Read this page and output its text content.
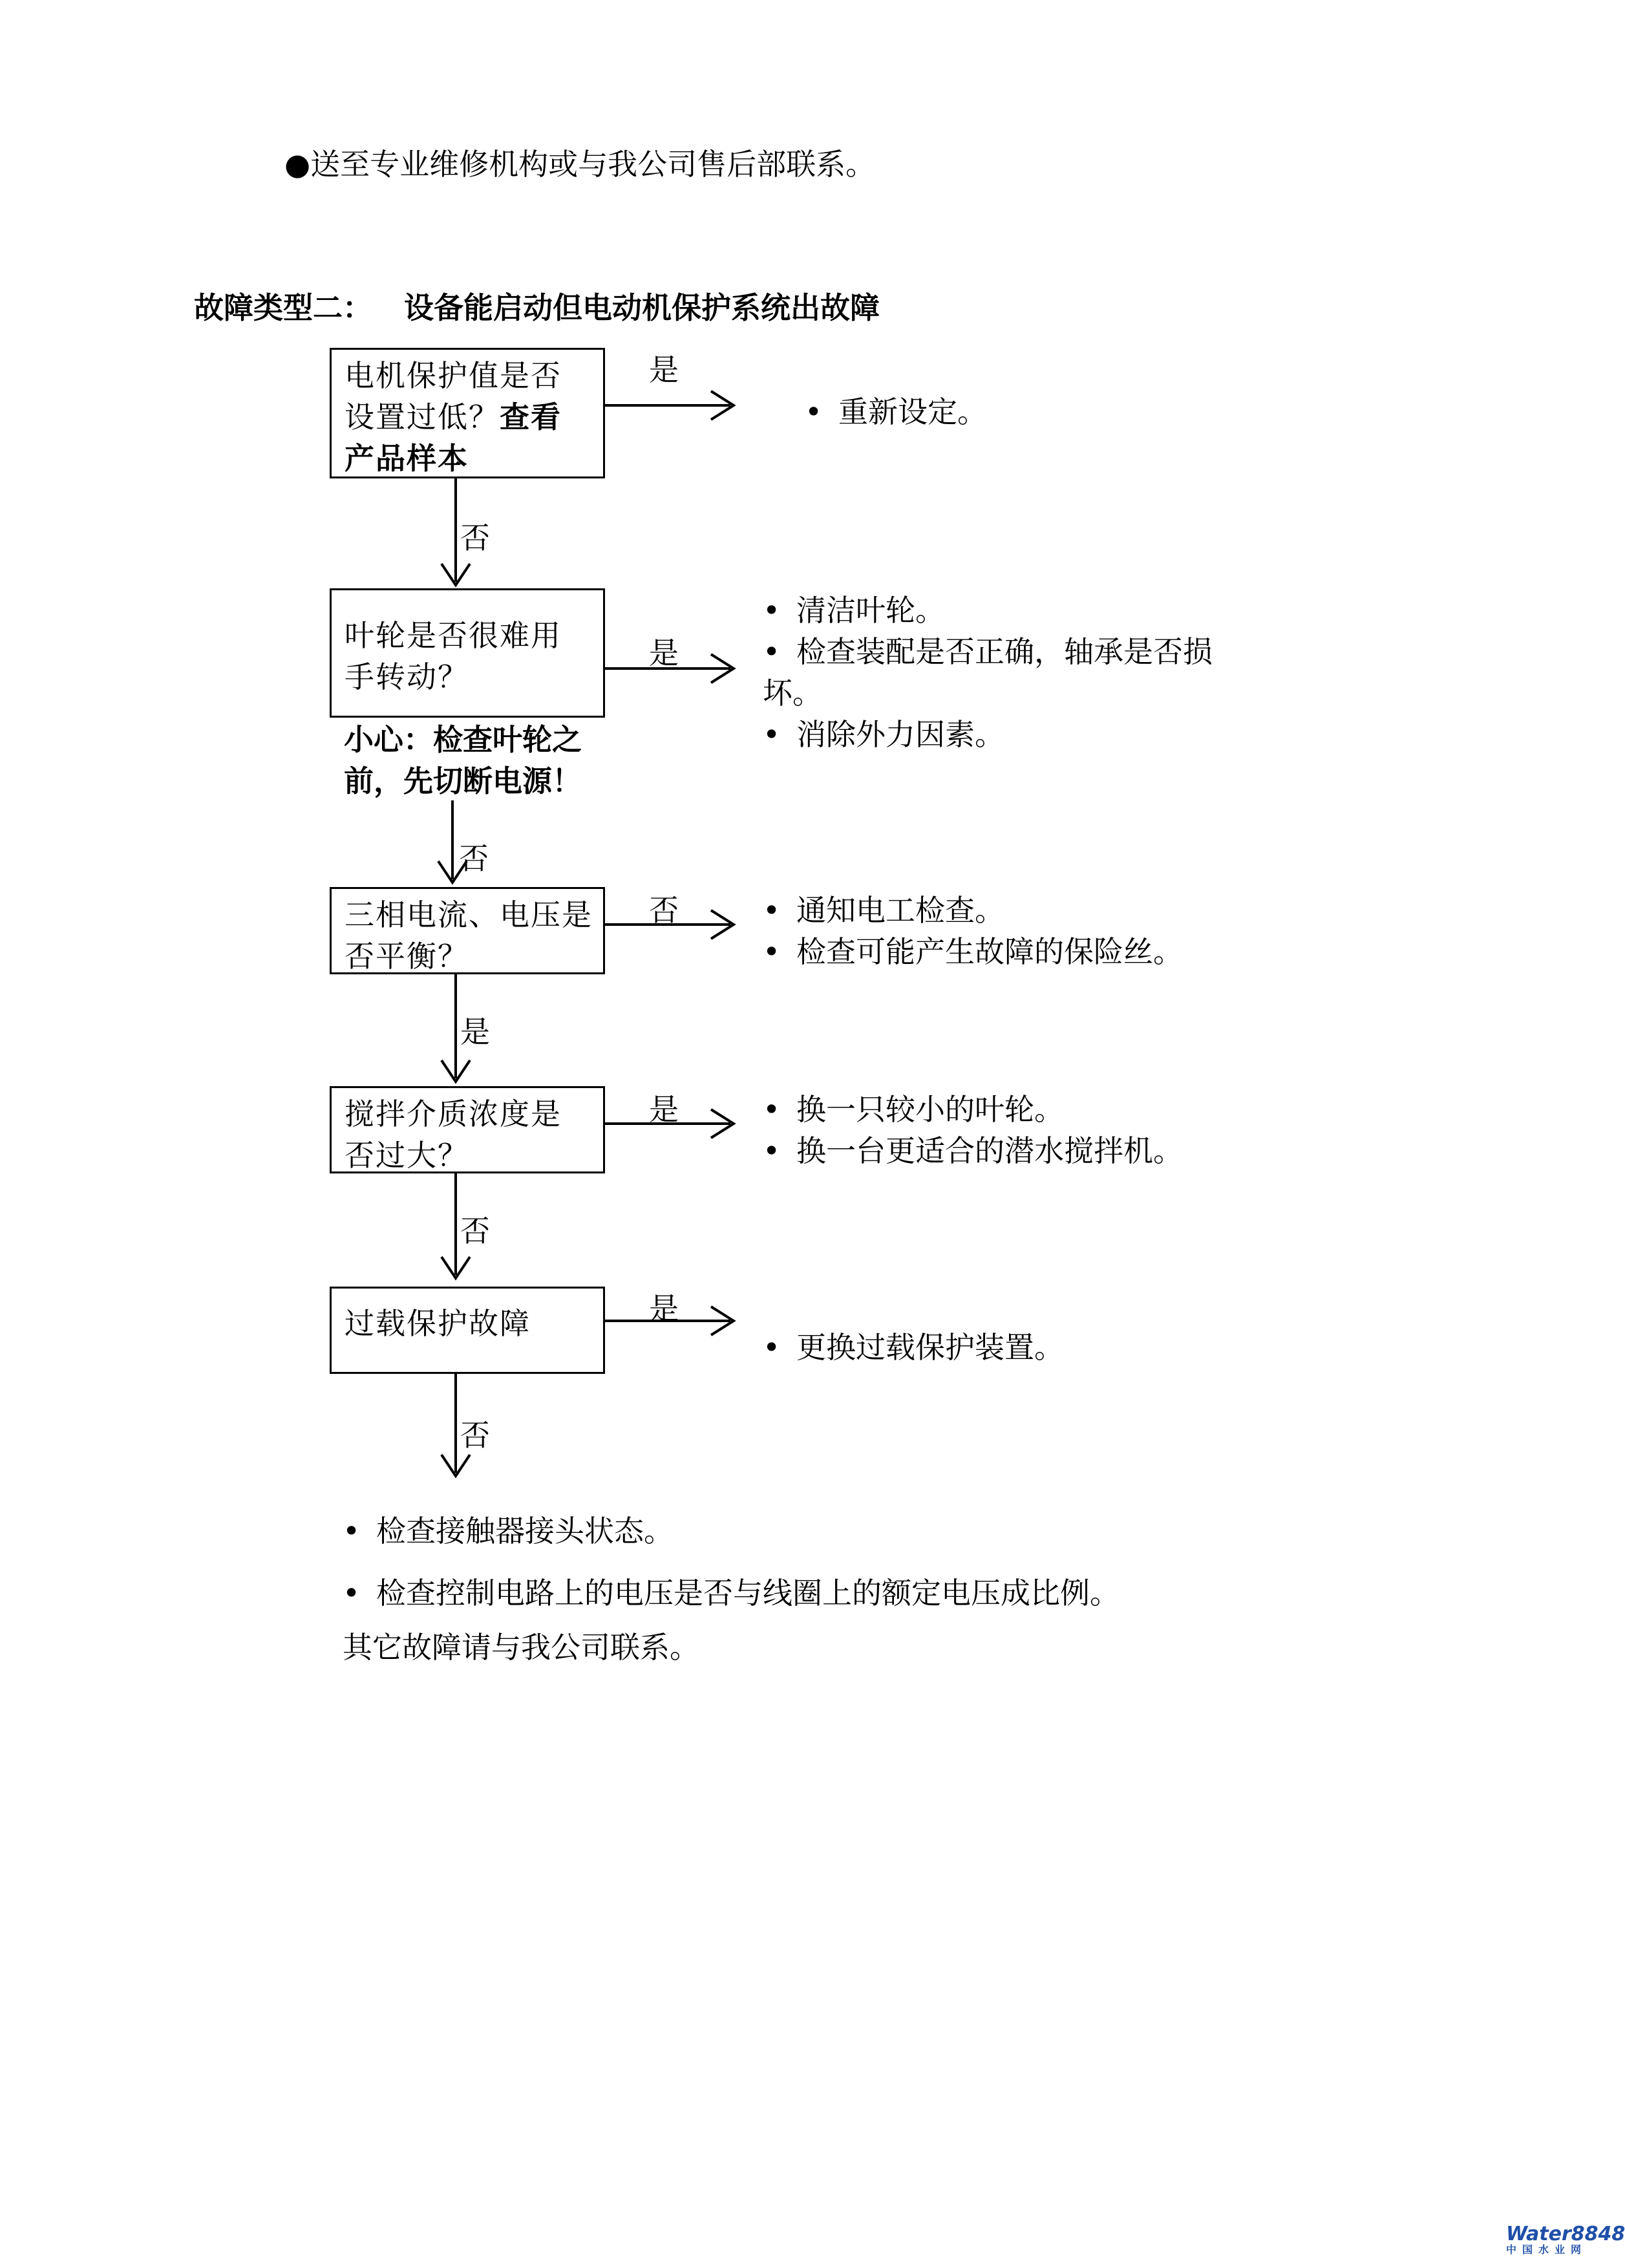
●送至专业维修机构或与我公司售后部联系。
故障类型二： 设备能启动但电动机保护系统出故障
电机保护值是否
设置过低？查看
产品样本
是
• 重新设定。
否
叶轮是否很难用
手转动？
小心：检查叶轮之
前，先切断电源！
是
• 清洁叶轮。
• 检查装配是否正确，轴承是否损
坏。
• 消除外力因素。
否
三相电流、电压是
否平衡？
否	• 通知电工检查。
• 检查可能产生故障的保险丝。
是
搅拌介质浓度是
否过大？
是	• 换一只较小的叶轮。
• 换一台更适合的潜水搅拌机。
否
过载保护故障	是
• 更换过载保护装置。
否
• 检查接触器接头状态。
• 检查控制电路上的电压是否与线圈上的额定电压成比例。
其它故障请与我公司联系。
Water8848
中国水业网
